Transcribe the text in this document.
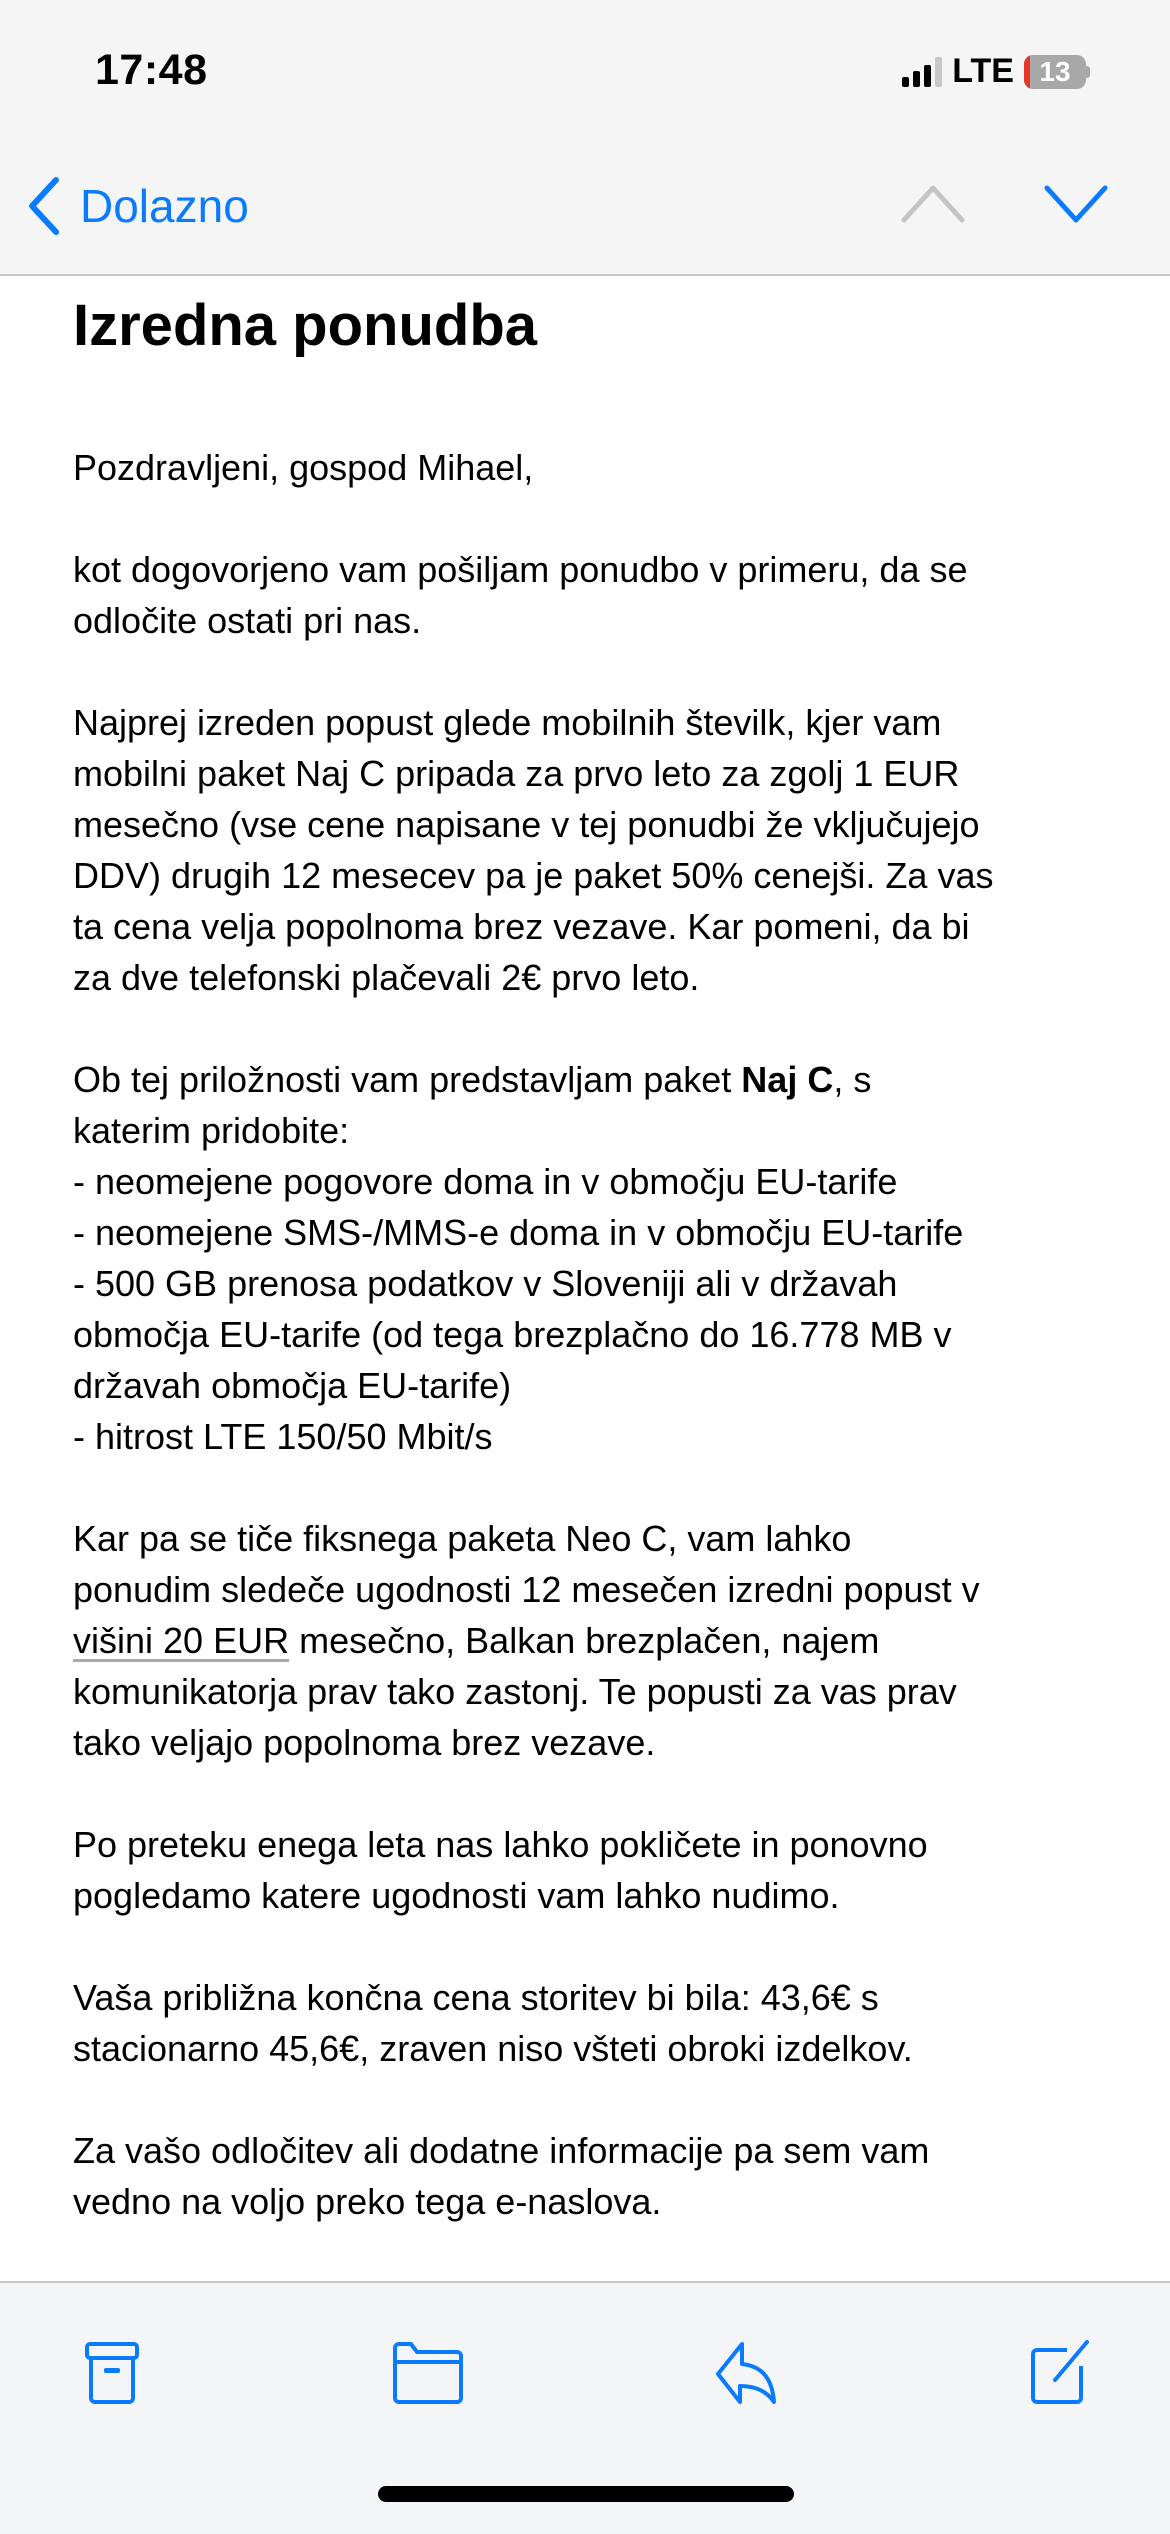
17:48	LTE 13
Dolazno
Izredna ponudba
Pozdravljeni, gospod Mihael,
kot dogovorjeno vam pošiljam ponudbo v primeru, da se
odločite ostati pri nas.
Najprej izreden popust glede mobilnih številk, kjer vam
mobilni paket Naj C pripada za prvo leto za zgolj 1 EUR
mesečno (vse cene napisane v tej ponudbi že vključujejo
DDV) drugih 12 mesecev pa je paket 50% cenejši. Za vas
ta cena velja popolnoma brez vezave. Kar pomeni, da bi
za dve telefonski plačevali 2€ prvo leto.
Ob tej priložnosti vam predstavljam paket Naj C, s
katerim pridobite:
- neomejene pogovore doma in v območju EU-tarife
- neomejene SMS-/MMS-e doma in v območju EU-tarife
- 500 GB prenosa podatkov v Sloveniji ali v državah
območja EU-tarife (od tega brezplačno do 16.778 MB v
državah območja EU-tarife)
- hitrost LTE 150/50 Mbit/s
Kar pa se tiče fiksnega paketa Neo C, vam lahko
ponudim sledeče ugodnosti 12 mesečen izredni popust v
višini 20 EUR mesečno, Balkan brezplačen, najem
komunikatorja prav tako zastonj. Te popusti za vas prav
tako veljajo popolnoma brez vezave.
Po preteku enega leta nas lahko pokličete in ponovno
pogledamo katere ugodnosti vam lahko nudimo.
Vaša približna končna cena storitev bi bila: 43,6€ s
stacionarno 45,6€, zraven niso všteti obroki izdelkov.
Za vašo odločitev ali dodatne informacije pa sem vam
vedno na voljo preko tega e-naslova.
